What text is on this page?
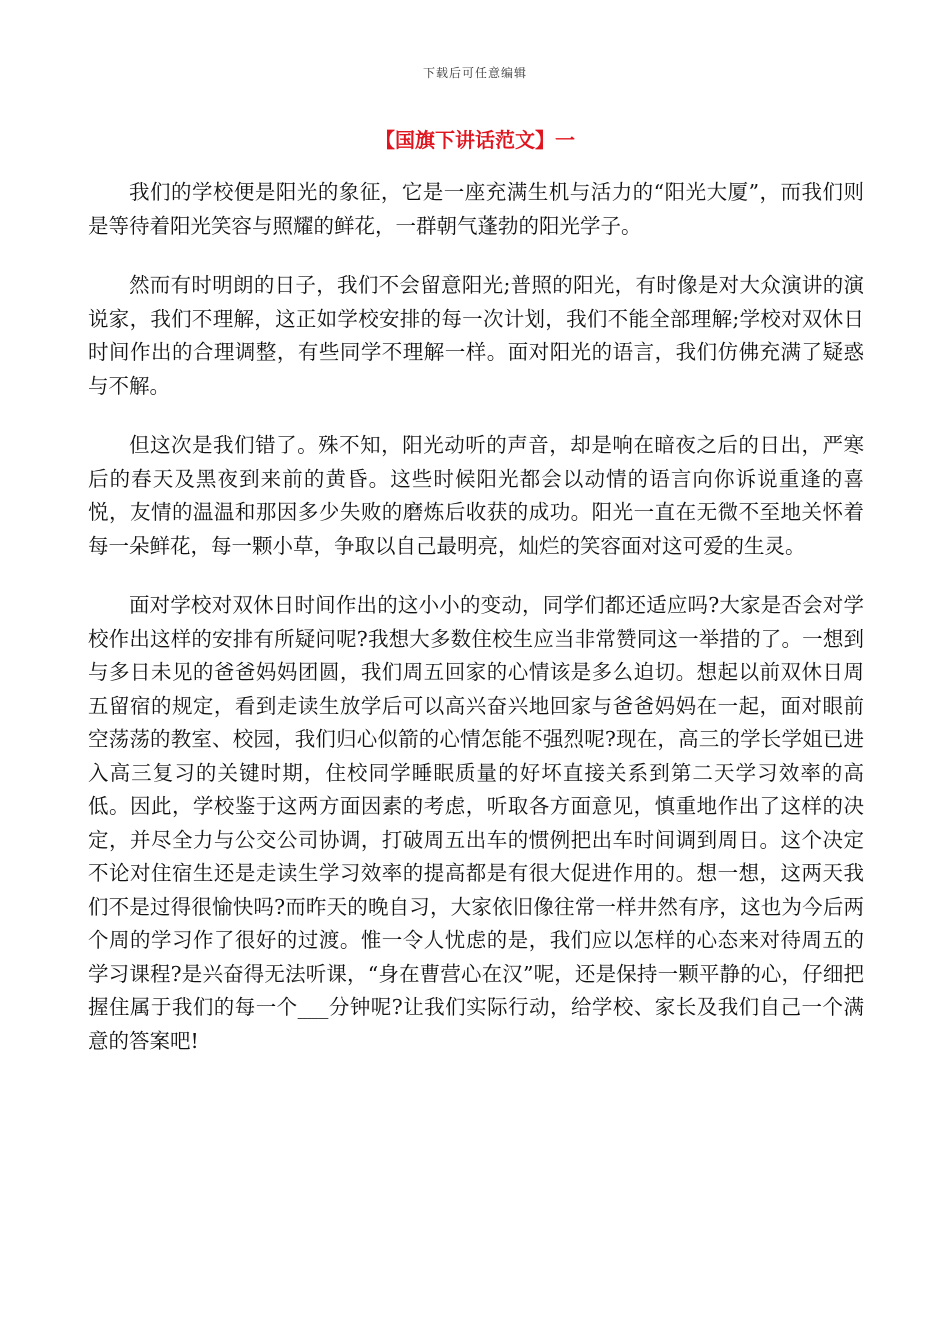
下载后可任意编辑
【国旗下讲话范文】一

我们的学校便是阳光的象征，它是一座充满生机与活力的“阳光大厦”，而我们则是等待着阳光笑容与照耀的鲜花，一群朝气蓬勃的阳光学子。

然而有时明朗的日子，我们不会留意阳光;普照的阳光，有时像是对大众演讲的演说家，我们不理解，这正如学校安排的每一次计划，我们不能全部理解;学校对双休日时间作出的合理调整，有些同学不理解一样。面对阳光的语言，我们仿佛充满了疑惑与不解。

但这次是我们错了。殊不知，阳光动听的声音，却是响在暗夜之后的日出，严寒后的春天及黑夜到来前的黄昏。这些时候阳光都会以动情的语言向你诉说重逢的喜悦，友情的温温和那因多少失败的磨炼后收获的成功。阳光一直在无微不至地关怀着每一朵鲜花，每一颗小草，争取以自己最明亮，灿烂的笑容面对这可爱的生灵。

面对学校对双休日时间作出的这小小的变动，同学们都还适应吗?大家是否会对学校作出这样的安排有所疑问呢?我想大多数住校生应当非常赞同这一举措的了。一想到与多日未见的爸爸妈妈团圆，我们周五回家的心情该是多么迫切。想起以前双休日周五留宿的规定，看到走读生放学后可以高兴奋兴地回家与爸爸妈妈在一起，面对眼前空荡荡的教室、校园，我们归心似箭的心情怎能不强烈呢?现在，高三的学长学姐已进入高三复习的关键时期，住校同学睡眠质量的好坏直接关系到第二天学习效率的高低。因此，学校鉴于这两方面因素的考虑，听取各方面意见，慎重地作出了这样的决定，并尽全力与公交公司协调，打破周五出车的惯例把出车时间调到周日。这个决定不论对住宿生还是走读生学习效率的提高都是有很大促进作用的。想一想，这两天我们不是过得很愉快吗?而昨天的晚自习，大家依旧像往常一样井然有序，这也为今后两个周的学习作了很好的过渡。惟一令人忧虑的是，我们应以怎样的心态来对待周五的学习课程?是兴奋得无法听课，“身在曹营心在汉”呢，还是保持一颗平静的心，仔细把握住属于我们的每一个___分钟呢?让我们实际行动，给学校、家长及我们自己一个满意的答案吧!
